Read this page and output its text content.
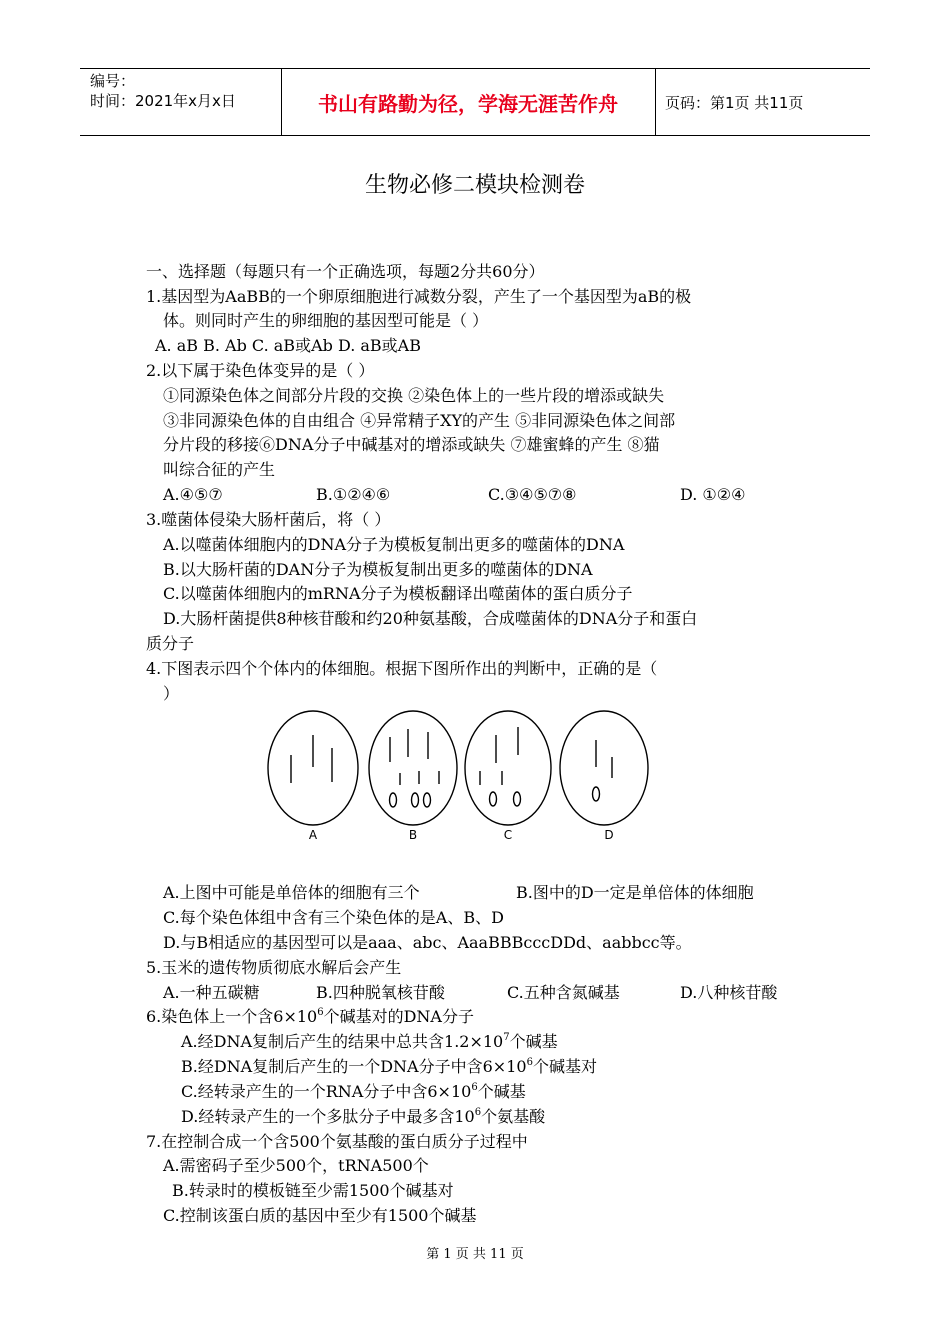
编号：
时间：2021年x月x日	书山有路勤为径，学海无涯苦作舟	页码：第1页 共11页
生物必修二模块检测卷
一、选择题（每题只有一个正确选项，每题2分共60分）
1.基因型为AaBB的一个卵原细胞进行减数分裂，产生了一个基因型为aB的极
体。则同时产生的卵细胞的基因型可能是（ ）
A. aB B. Ab C. aB或Ab D. aB或AB
2.以下属于染色体变异的是（ ）
①同源染色体之间部分片段的交换 ②染色体上的一些片段的增添或缺失
③非同源染色体的自由组合 ④异常精子XY的产生 ⑤非同源染色体之间部
分片段的移接⑥DNA分子中碱基对的增添或缺失 ⑦雄蜜蜂的产生 ⑧猫
叫综合征的产生
A.④⑤⑦	B.①②④⑥	C.③④⑤⑦⑧	D. ①②④
3.噬菌体侵染大肠杆菌后，将（ ）
A.以噬菌体细胞内的DNA分子为模板复制出更多的噬菌体的DNA
B.以大肠杆菌的DAN分子为模板复制出更多的噬菌体的DNA
C.以噬菌体细胞内的mRNA分子为模板翻译出噬菌体的蛋白质分子
D.大肠杆菌提供8种核苷酸和约20种氨基酸，合成噬菌体的DNA分子和蛋白
质分子
4.下图表示四个个体内的体细胞。根据下图所作出的判断中，正确的是（
）
A	B	C	D
A.上图中可能是单倍体的细胞有三个	B.图中的D一定是单倍体的体细胞
C.每个染色体组中含有三个染色体的是A、B、D
D.与B相适应的基因型可以是aaa、abc、AaaBBBcccDDd、aabbcc等。
5.玉米的遗传物质彻底水解后会产生
A.一种五碳糖	B.四种脱氧核苷酸	C.五种含氮碱基	D.八种核苷酸
6.染色体上一个含$6\times 10^6$个碱基对的DNA分子
A.经DNA复制后产生的结果中总共含$1.2\times 10^7$个碱基
B.经DNA复制后产生的一个DNA分子中含$6\times 10^6$个碱基对
C.经转录产生的一个RNA分子中含$6\times 10^6$个碱基
D.经转录产生的一个多肽分子中最多含$10^6$个氨基酸
7.在控制合成一个含500个氨基酸的蛋白质分子过程中
A.需密码子至少500个，tRNA500个
B.转录时的模板链至少需1500个碱基对
C.控制该蛋白质的基因中至少有1500个碱基
第 1 页 共 11 页
